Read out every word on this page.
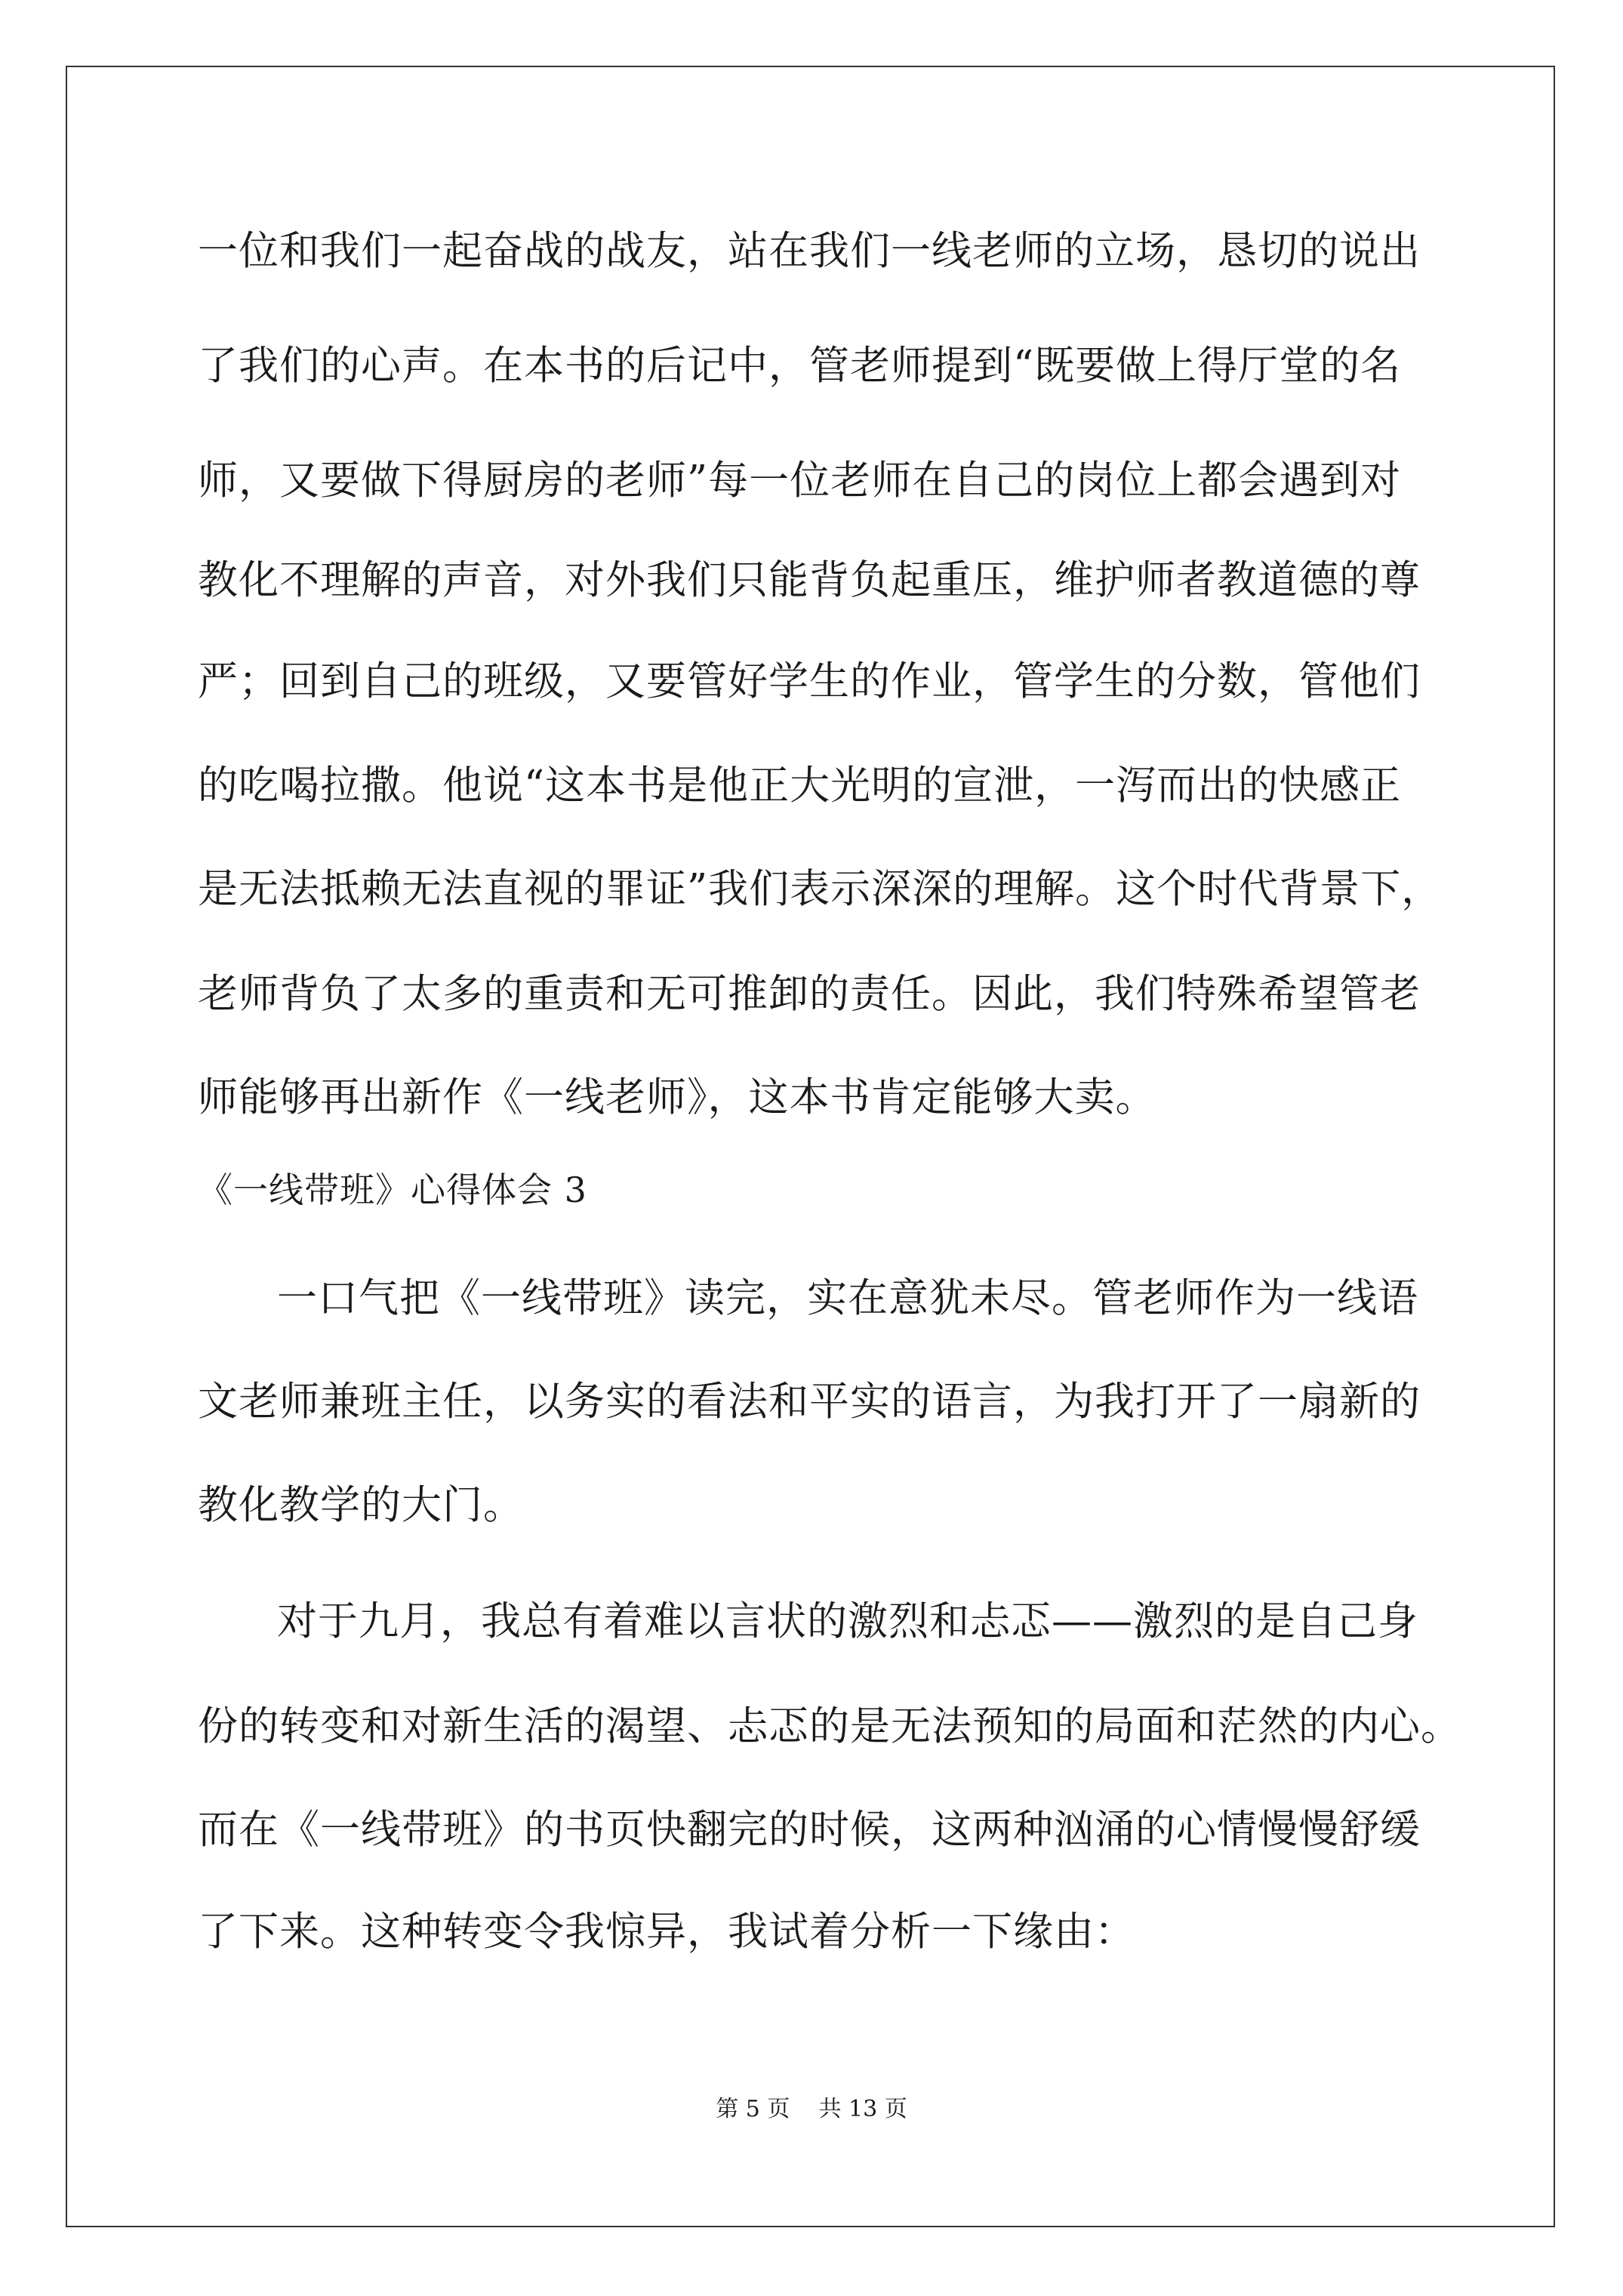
一位和我们一起奋战的战友，站在我们一线老师的立场，恳切的说出

了我们的心声。在本书的后记中，管老师提到“既要做上得厅堂的名

师，又要做下得厨房的老师”每一位老师在自己的岗位上都会遇到对

教化不理解的声音，对外我们只能背负起重压，维护师者教道德的尊

严；回到自己的班级，又要管好学生的作业，管学生的分数，管他们

的吃喝拉撒。他说“这本书是他正大光明的宣泄，一泻而出的快感正

是无法抵赖无法直视的罪证”我们表示深深的理解。这个时代背景下，

老师背负了太多的重责和无可推卸的责任。因此，我们特殊希望管老

师能够再出新作《一线老师》，这本书肯定能够大卖。

《一线带班》心得体会 3

一口气把《一线带班》读完，实在意犹未尽。管老师作为一线语

文老师兼班主任，以务实的看法和平实的语言，为我打开了一扇新的

教化教学的大门。

对于九月，我总有着难以言状的激烈和忐忑——激烈的是自己身

份的转变和对新生活的渴望、忐忑的是无法预知的局面和茫然的内心。

而在《一线带班》的书页快翻完的时候，这两种汹涌的心情慢慢舒缓

了下来。这种转变令我惊异，我试着分析一下缘由：

第 5 页    共 13 页
